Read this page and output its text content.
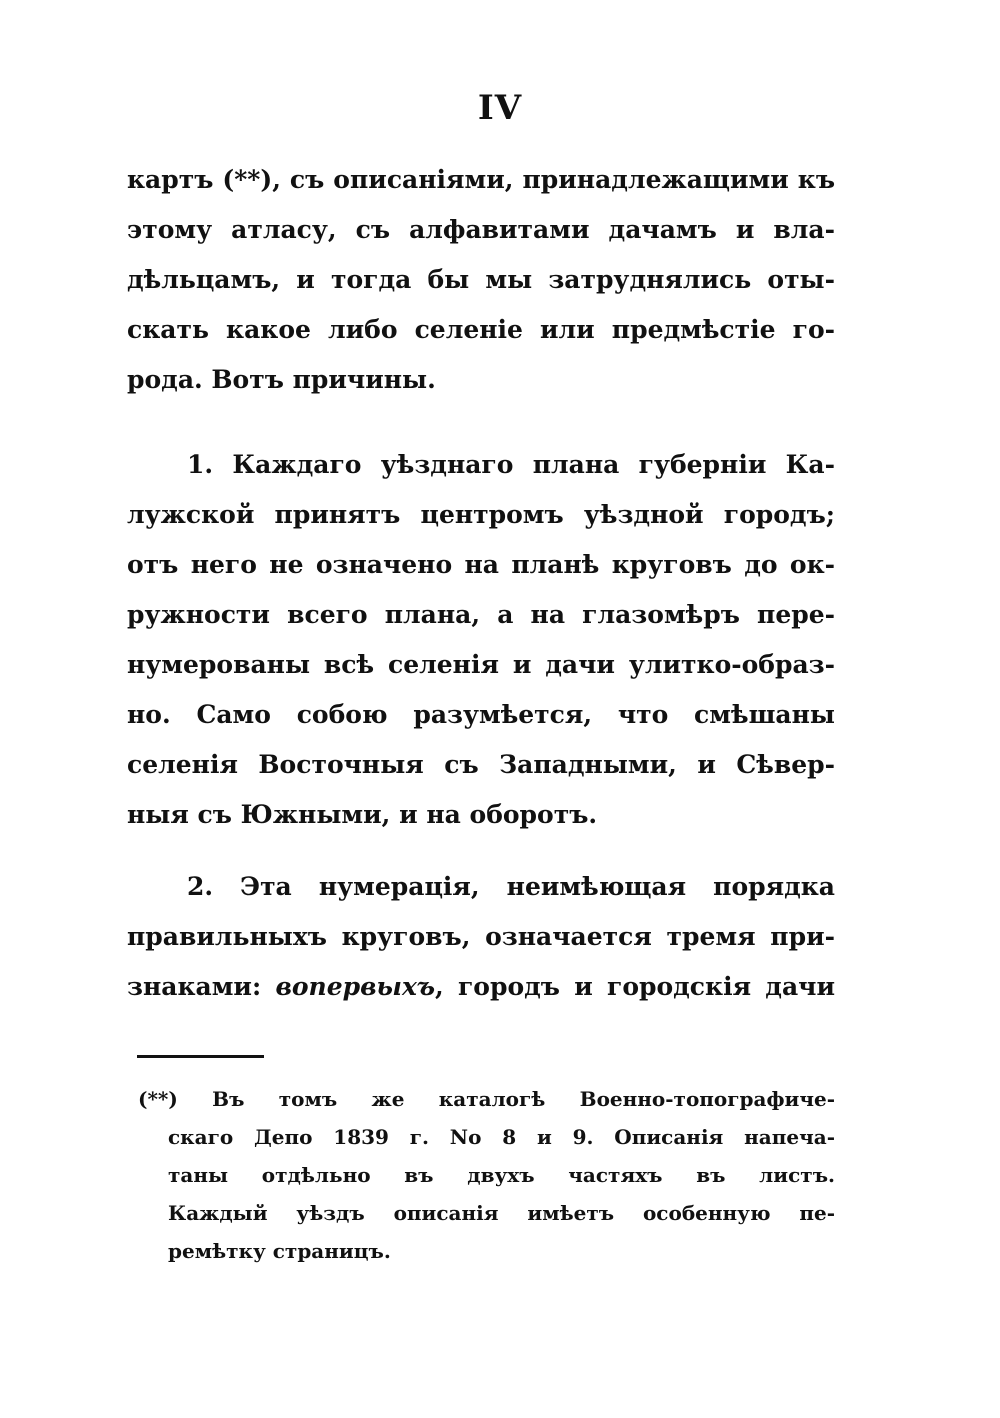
IV
картъ (**), съ описаніями, принадлежащими къ
этому атласу, съ алфавитами дачамъ и вла-
дѣльцамъ, и тогда бы мы затруднялись оты-
скать какое либо селеніе или предмѣстіе го-
рода. Вотъ причины.
1. Каждаго уѣзднаго плана губерніи Ка-
лужской принятъ центромъ уѣздной городъ;
отъ него не означено на планѣ круговъ до ок-
ружности всего плана, а на глазомѣръ пере-
нумерованы всѣ селенія и дачи улитко-образ-
но. Само собою разумѣется, что смѣшаны
селенія Восточныя съ Западными, и Сѣвер-
ныя съ Южными, и на оборотъ.
2. Эта нумерація, неимѣющая порядка
правильныхъ круговъ, означается тремя при-
знаками: вопервыхъ, городъ и городскія дачи
(**) Въ томъ же каталогѣ Военно-топографиче-
скаго Депо 1839 г. No 8 и 9. Описанія напеча-
таны отдѣльно въ двухъ частяхъ въ листъ.
Каждый уѣздъ описанія имѣетъ особенную пе-
ремѣтку страницъ.
